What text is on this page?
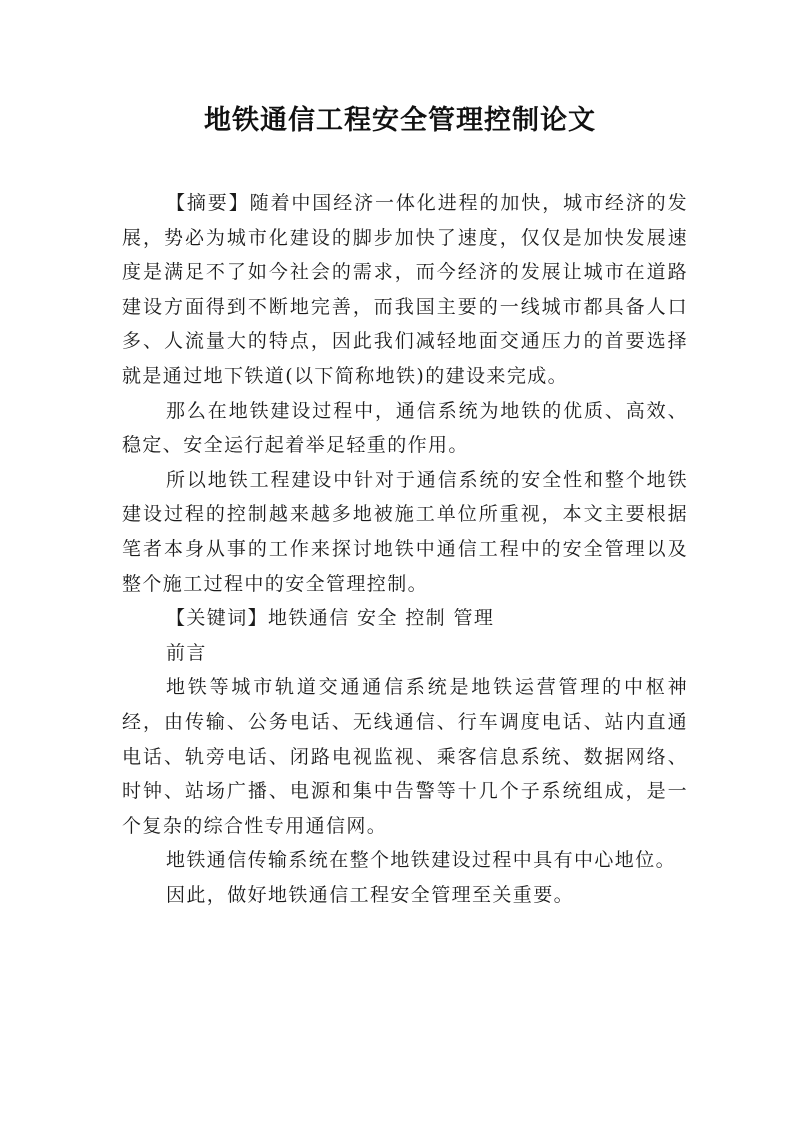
地铁通信工程安全管理控制论文

【摘要】随着中国经济一体化进程的加快，城市经济的发展，势必为城市化建设的脚步加快了速度，仅仅是加快发展速度是满足不了如今社会的需求，而今经济的发展让城市在道路建设方面得到不断地完善，而我国主要的一线城市都具备人口多、人流量大的特点，因此我们减轻地面交通压力的首要选择就是通过地下铁道(以下简称地铁)的建设来完成。

那么在地铁建设过程中，通信系统为地铁的优质、高效、稳定、安全运行起着举足轻重的作用。

所以地铁工程建设中针对于通信系统的安全性和整个地铁建设过程的控制越来越多地被施工单位所重视，本文主要根据笔者本身从事的工作来探讨地铁中通信工程中的安全管理以及整个施工过程中的安全管理控制。

【关键词】地铁通信 安全 控制 管理

前言

地铁等城市轨道交通通信系统是地铁运营管理的中枢神经，由传输、公务电话、无线通信、行车调度电话、站内直通电话、轨旁电话、闭路电视监视、乘客信息系统、数据网络、时钟、站场广播、电源和集中告警等十几个子系统组成，是一个复杂的综合性专用通信网。

地铁通信传输系统在整个地铁建设过程中具有中心地位。

因此，做好地铁通信工程安全管理至关重要。
